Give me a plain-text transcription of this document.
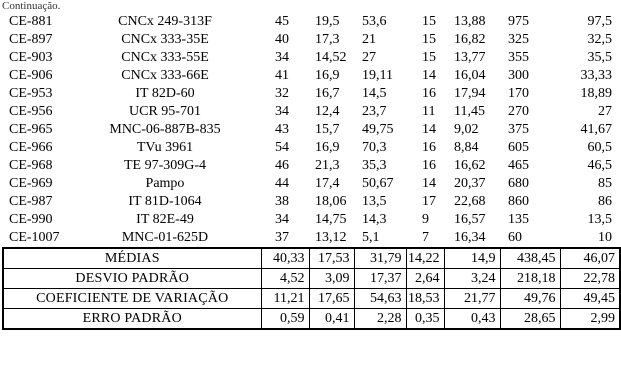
Continuação.
CE-881	CNCx 249-313F	45	19,5	53,6	15	13,88	975	97,5
CE-897	CNCx 333-35E	40	17,3	21	15	16,82	325	32,5
CE-903	CNCx 333-55E	34	14,52	27	15	13,77	355	35,5
CE-906	CNCx 333-66E	41	16,9	19,11	14	16,04	300	33,33
CE-953	IT 82D-60	32	16,7	14,5	16	17,94	170	18,89
CE-956	UCR 95-701	34	12,4	23,7	11	11,45	270	27
CE-965	MNC-06-887B-835	43	15,7	49,75	14	9,02	375	41,67
CE-966	TVu 3961	54	16,9	70,3	16	8,84	605	60,5
CE-968	TE 97-309G-4	46	21,3	35,3	16	16,62	465	46,5
CE-969	Pampo	44	17,4	50,67	14	20,37	680	85
CE-987	IT 81D-1064	38	18,06	13,5	17	22,68	860	86
CE-990	IT 82E-49	34	14,75	14,3	9	16,57	135	13,5
CE-1007	MNC-01-625D	37	13,12	5,1	7	16,34	60	10
MÉDIAS		40,33	17,53	31,79	14,22	14,9	438,45	46,07
DESVIO PADRÃO		4,52	3,09	17,37	2,64	3,24	218,18	22,78
COEFICIENTE DE VARIAÇÃO		11,21	17,65	54,63	18,53	21,77	49,76	49,45
ERRO PADRÃO		0,59	0,41	2,28	0,35	0,43	28,65	2,99
